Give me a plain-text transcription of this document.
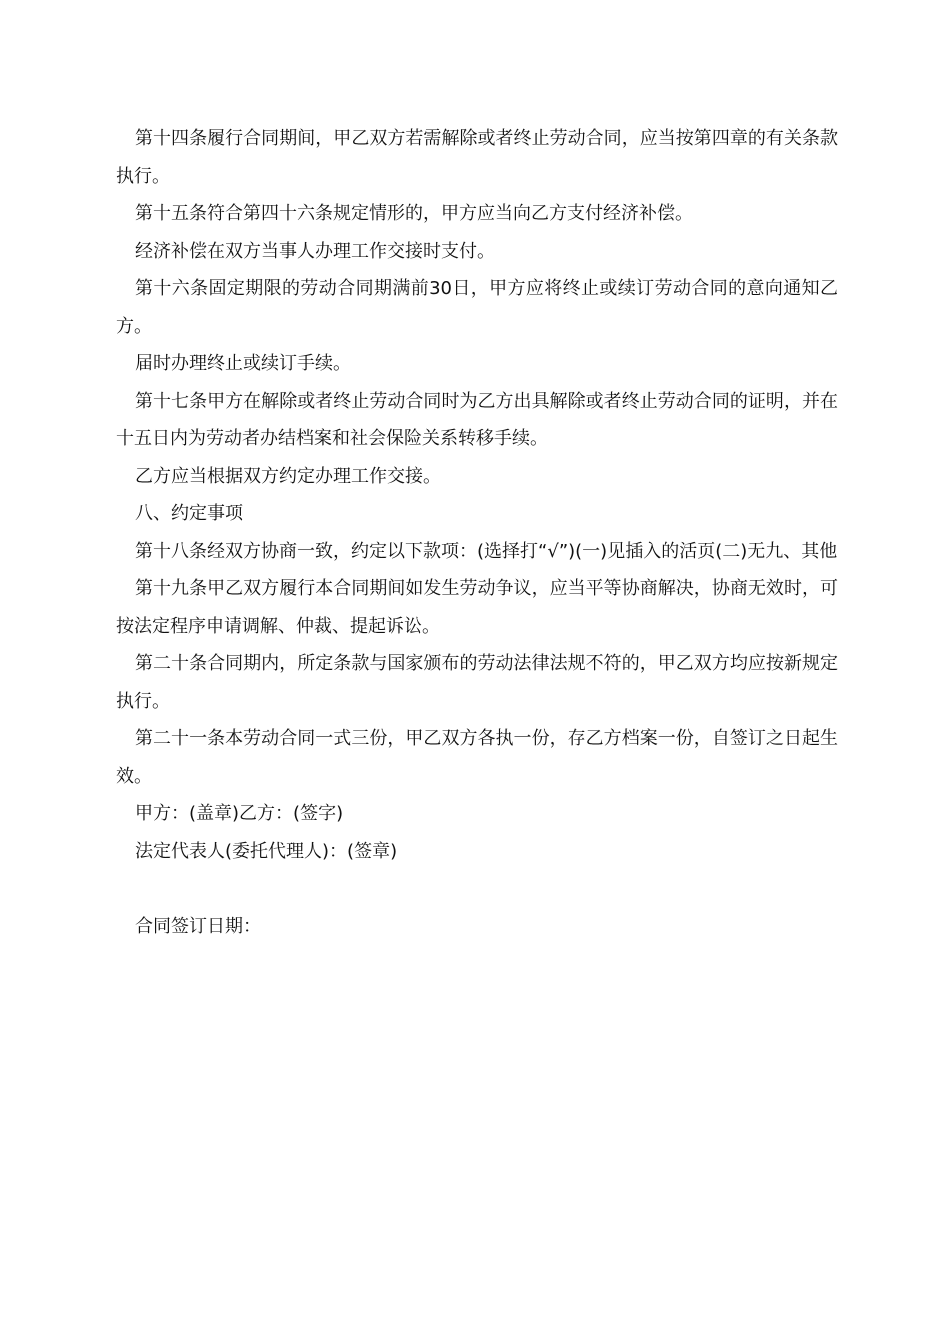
第十四条履行合同期间，甲乙双方若需解除或者终止劳动合同，应当按第四章的有关条款执行。

第十五条符合第四十六条规定情形的，甲方应当向乙方支付经济补偿。

经济补偿在双方当事人办理工作交接时支付。

第十六条固定期限的劳动合同期满前30日，甲方应将终止或续订劳动合同的意向通知乙方。

届时办理终止或续订手续。

第十七条甲方在解除或者终止劳动合同时为乙方出具解除或者终止劳动合同的证明，并在十五日内为劳动者办结档案和社会保险关系转移手续。

乙方应当根据双方约定办理工作交接。

八、约定事项

第十八条经双方协商一致，约定以下款项：(选择打“√”)(一)见插入的活页(二)无九、其他

第十九条甲乙双方履行本合同期间如发生劳动争议，应当平等协商解决，协商无效时，可按法定程序申请调解、仲裁、提起诉讼。

第二十条合同期内，所定条款与国家颁布的劳动法律法规不符的，甲乙双方均应按新规定执行。

第二十一条本劳动合同一式三份，甲乙双方各执一份，存乙方档案一份，自签订之日起生效。

甲方：(盖章)乙方：(签字)

法定代表人(委托代理人)：(签章)

合同签订日期：
